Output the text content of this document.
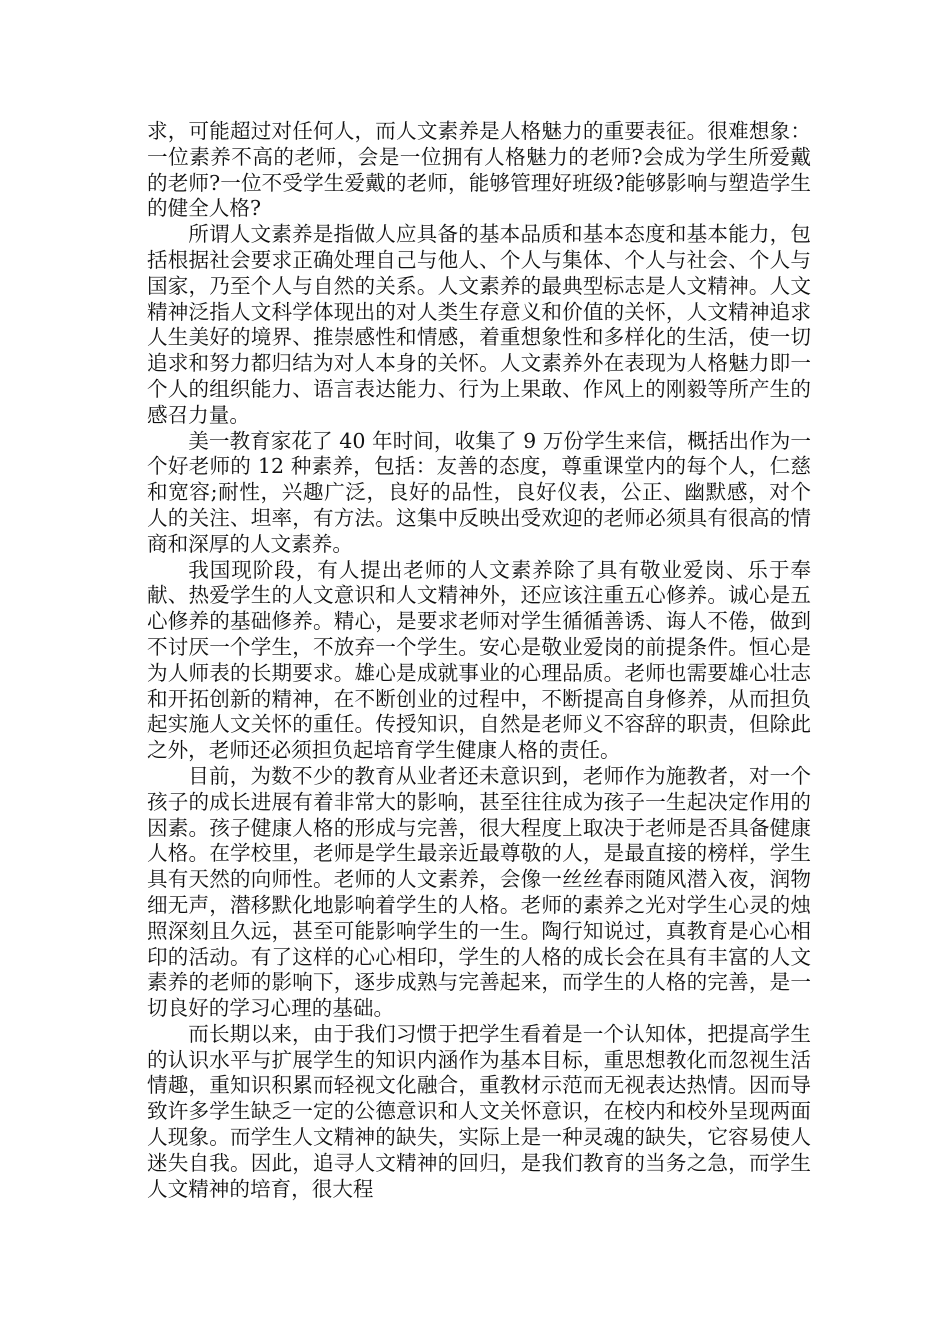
求，可能超过对任何人，而人文素养是人格魅力的重要表征。很难想象：一位素养不高的老师，会是一位拥有人格魅力的老师?会成为学生所爱戴的老师?一位不受学生爱戴的老师，能够管理好班级?能够影响与塑造学生的健全人格?

所谓人文素养是指做人应具备的基本品质和基本态度和基本能力，包括根据社会要求正确处理自己与他人、个人与集体、个人与社会、个人与国家，乃至个人与自然的关系。人文素养的最典型标志是人文精神。人文精神泛指人文科学体现出的对人类生存意义和价值的关怀，人文精神追求人生美好的境界、推崇感性和情感，着重想象性和多样化的生活，使一切追求和努力都归结为对人本身的关怀。人文素养外在表现为人格魅力即一个人的组织能力、语言表达能力、行为上果敢、作风上的刚毅等所产生的感召力量。

美一教育家花了 40 年时间，收集了 9 万份学生来信，概括出作为一个好老师的 12 种素养，包括：友善的态度，尊重课堂内的每个人，仁慈和宽容;耐性，兴趣广泛，良好的品性，良好仪表，公正、幽默感，对个人的关注、坦率，有方法。这集中反映出受欢迎的老师必须具有很高的情商和深厚的人文素养。

我国现阶段，有人提出老师的人文素养除了具有敬业爱岗、乐于奉献、热爱学生的人文意识和人文精神外，还应该注重五心修养。诚心是五心修养的基础修养。精心，是要求老师对学生循循善诱、诲人不倦，做到不讨厌一个学生，不放弃一个学生。安心是敬业爱岗的前提条件。恒心是为人师表的长期要求。雄心是成就事业的心理品质。老师也需要雄心壮志和开拓创新的精神，在不断创业的过程中，不断提高自身修养，从而担负起实施人文关怀的重任。传授知识，自然是老师义不容辞的职责，但除此之外，老师还必须担负起培育学生健康人格的责任。

目前，为数不少的教育从业者还未意识到，老师作为施教者，对一个孩子的成长进展有着非常大的影响，甚至往往成为孩子一生起决定作用的因素。孩子健康人格的形成与完善，很大程度上取决于老师是否具备健康人格。在学校里，老师是学生最亲近最尊敬的人，是最直接的榜样，学生具有天然的向师性。老师的人文素养，会像一丝丝春雨随风潜入夜，润物细无声，潜移默化地影响着学生的人格。老师的素养之光对学生心灵的烛照深刻且久远，甚至可能影响学生的一生。陶行知说过，真教育是心心相印的活动。有了这样的心心相印，学生的人格的成长会在具有丰富的人文素养的老师的影响下，逐步成熟与完善起来，而学生的人格的完善，是一切良好的学习心理的基础。

而长期以来，由于我们习惯于把学生看着是一个认知体，把提高学生的认识水平与扩展学生的知识内涵作为基本目标，重思想教化而忽视生活情趣，重知识积累而轻视文化融合，重教材示范而无视表达热情。因而导致许多学生缺乏一定的公德意识和人文关怀意识，在校内和校外呈现两面人现象。而学生人文精神的缺失，实际上是一种灵魂的缺失，它容易使人迷失自我。因此，追寻人文精神的回归，是我们教育的当务之急，而学生人文精神的培育，很大程
